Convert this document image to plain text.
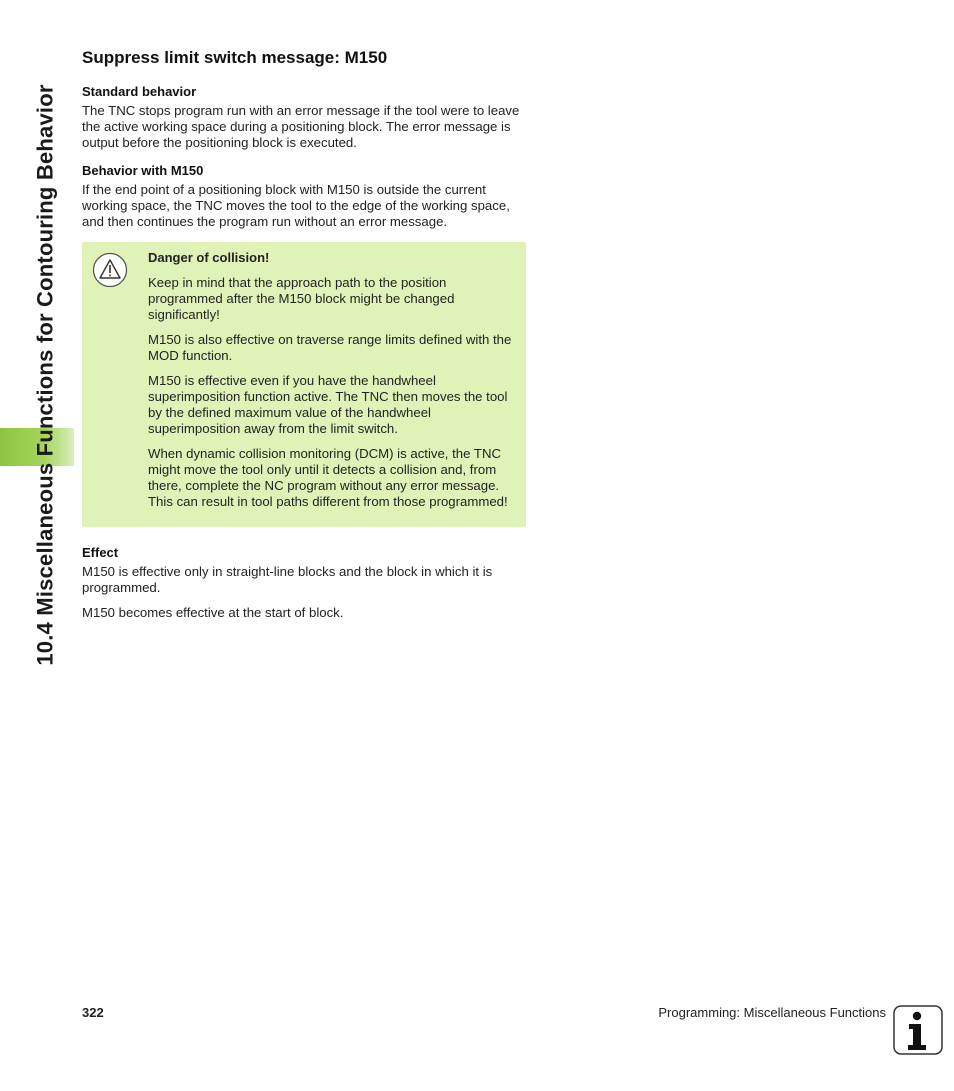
10.4 Miscellaneous Functions for Contouring Behavior
Suppress limit switch message: M150
Standard behavior

The TNC stops program run with an error message if the tool were to leave the active working space during a positioning block. The error message is output before the positioning block is executed.

Behavior with M150

If the end point of a positioning block with M150 is outside the current working space, the TNC moves the tool to the edge of the working space, and then continues the program run without an error message.

Danger of collision!

Keep in mind that the approach path to the position programmed after the M150 block might be changed significantly!

M150 is also effective on traverse range limits defined with the MOD function.

M150 is effective even if you have the handwheel superimposition function active. The TNC then moves the tool by the defined maximum value of the handwheel superimposition away from the limit switch.

When dynamic collision monitoring (DCM) is active, the TNC might move the tool only until it detects a collision and, from there, complete the NC program without any error message. This can result in tool paths different from those programmed!

Effect

M150 is effective only in straight-line blocks and the block in which it is programmed.

M150 becomes effective at the start of block.

322	Programming: Miscellaneous Functions
